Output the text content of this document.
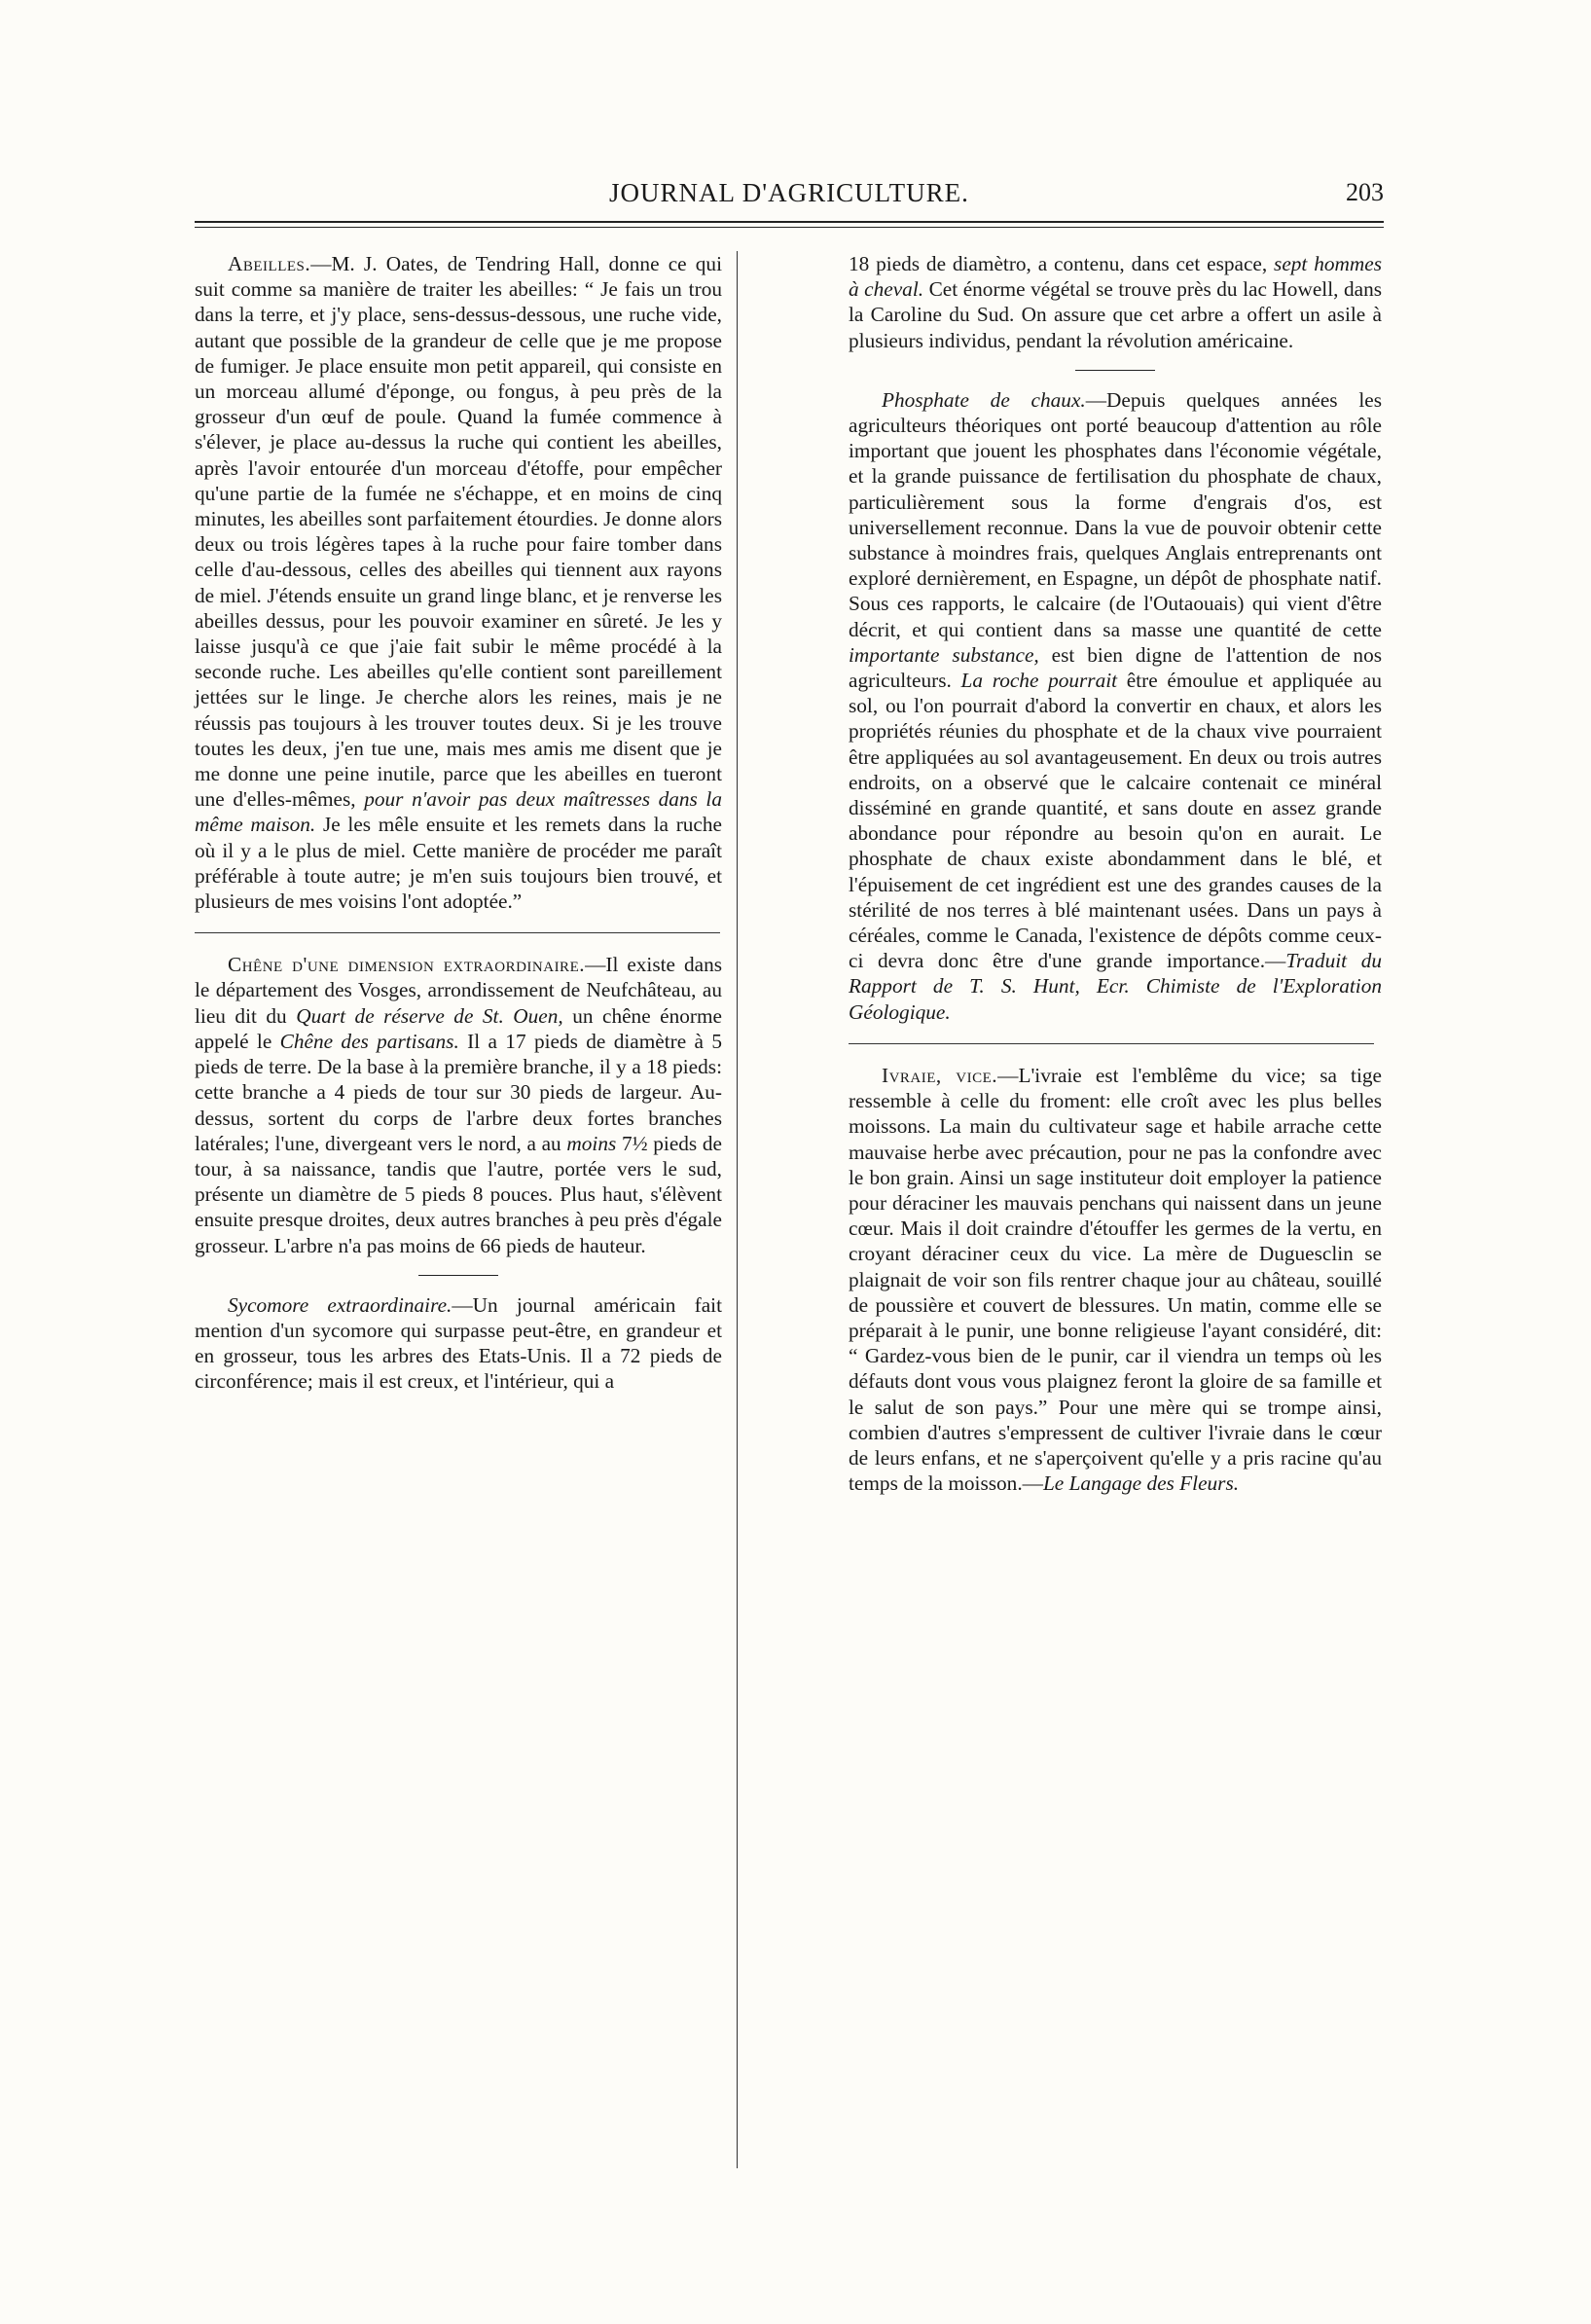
JOURNAL D'AGRICULTURE.	203

Abeilles.—M. J. Oates, de Tendring Hall, donne ce qui suit comme sa manière de traiter les abeilles: “ Je fais un trou dans la terre, et j'y place, sens-dessus-dessous, une ruche vide, autant que possible de la grandeur de celle que je me propose de fumiger. Je place ensuite mon petit appareil, qui consiste en un morceau allumé d'éponge, ou fongus, à peu près de la grosseur d'un œuf de poule. Quand la fumée commence à s'élever, je place au-dessus la ruche qui contient les abeilles, après l'avoir entourée d'un morceau d'étoffe, pour empêcher qu'une partie de la fumée ne s'échappe, et en moins de cinq minutes, les abeilles sont parfaitement étourdies. Je donne alors deux ou trois légères tapes à la ruche pour faire tomber dans celle d'au-dessous, celles des abeilles qui tiennent aux rayons de miel. J'étends ensuite un grand linge blanc, et je renverse les abeilles dessus, pour les pouvoir examiner en sûreté. Je les y laisse jusqu'à ce que j'aie fait subir le même procédé à la seconde ruche. Les abeilles qu'elle contient sont pareillement jettées sur le linge. Je cherche alors les reines, mais je ne réussis pas toujours à les trouver toutes deux. Si je les trouve toutes les deux, j'en tue une, mais mes amis me disent que je me donne une peine inutile, parce que les abeilles en tueront une d'elles-mêmes, pour n'avoir pas deux maîtresses dans la même maison. Je les mêle ensuite et les remets dans la ruche où il y a le plus de miel. Cette manière de procéder me paraît préférable à toute autre; je m'en suis toujours bien trouvé, et plusieurs de mes voisins l'ont adoptée.”

Chêne d'une dimension extraordinaire.—Il existe dans le département des Vosges, arrondissement de Neufchâteau, au lieu dit du Quart de réserve de St. Ouen, un chêne énorme appelé le Chêne des partisans. Il a 17 pieds de diamètre à 5 pieds de terre. De la base à la première branche, il y a 18 pieds: cette branche a 4 pieds de tour sur 30 pieds de largeur. Au-dessus, sortent du corps de l'arbre deux fortes branches latérales; l'une, divergeant vers le nord, a au moins 7½ pieds de tour, à sa naissance, tandis que l'autre, portée vers le sud, présente un diamètre de 5 pieds 8 pouces. Plus haut, s'élèvent ensuite presque droites, deux autres branches à peu près d'égale grosseur. L'arbre n'a pas moins de 66 pieds de hauteur.

Sycomore extraordinaire.—Un journal américain fait mention d'un sycomore qui surpasse peut-être, en grandeur et en grosseur, tous les arbres des Etats-Unis. Il a 72 pieds de circonférence; mais il est creux, et l'intérieur, qui a

18 pieds de diamètro, a contenu, dans cet espace, sept hommes à cheval. Cet énorme végétal se trouve près du lac Howell, dans la Caroline du Sud. On assure que cet arbre a offert un asile à plusieurs individus, pendant la révolution américaine.

Phosphate de chaux.—Depuis quelques années les agriculteurs théoriques ont porté beaucoup d'attention au rôle important que jouent les phosphates dans l'économie végétale, et la grande puissance de fertilisation du phosphate de chaux, particulièrement sous la forme d'engrais d'os, est universellement reconnue. Dans la vue de pouvoir obtenir cette substance à moindres frais, quelques Anglais entreprenants ont exploré dernièrement, en Espagne, un dépôt de phosphate natif. Sous ces rapports, le calcaire (de l'Outaouais) qui vient d'être décrit, et qui contient dans sa masse une quantité de cette importante substance, est bien digne de l'attention de nos agriculteurs. La roche pourrait être émoulue et appliquée au sol, ou l'on pourrait d'abord la convertir en chaux, et alors les propriétés réunies du phosphate et de la chaux vive pourraient être appliquées au sol avantageusement. En deux ou trois autres endroits, on a observé que le calcaire contenait ce minéral disséminé en grande quantité, et sans doute en assez grande abondance pour répondre au besoin qu'on en aurait. Le phosphate de chaux existe abondamment dans le blé, et l'épuisement de cet ingrédient est une des grandes causes de la stérilité de nos terres à blé maintenant usées. Dans un pays à céréales, comme le Canada, l'existence de dépôts comme ceux-ci devra donc être d'une grande importance.—Traduit du Rapport de T. S. Hunt, Ecr. Chimiste de l'Exploration Géologique.

Ivraie, vice.—L'ivraie est l'emblême du vice; sa tige ressemble à celle du froment: elle croît avec les plus belles moissons. La main du cultivateur sage et habile arrache cette mauvaise herbe avec précaution, pour ne pas la confondre avec le bon grain. Ainsi un sage instituteur doit employer la patience pour déraciner les mauvais penchans qui naissent dans un jeune cœur. Mais il doit craindre d'étouffer les germes de la vertu, en croyant déraciner ceux du vice. La mère de Duguesclin se plaignait de voir son fils rentrer chaque jour au château, souillé de poussière et couvert de blessures. Un matin, comme elle se préparait à le punir, une bonne religieuse l'ayant considéré, dit: “ Gardez-vous bien de le punir, car il viendra un temps où les défauts dont vous vous plaignez feront la gloire de sa famille et le salut de son pays.” Pour une mère qui se trompe ainsi, combien d'autres s'empressent de cultiver l'ivraie dans le cœur de leurs enfans, et ne s'aperçoivent qu'elle y a pris racine qu'au temps de la moisson.—Le Langage des Fleurs.
